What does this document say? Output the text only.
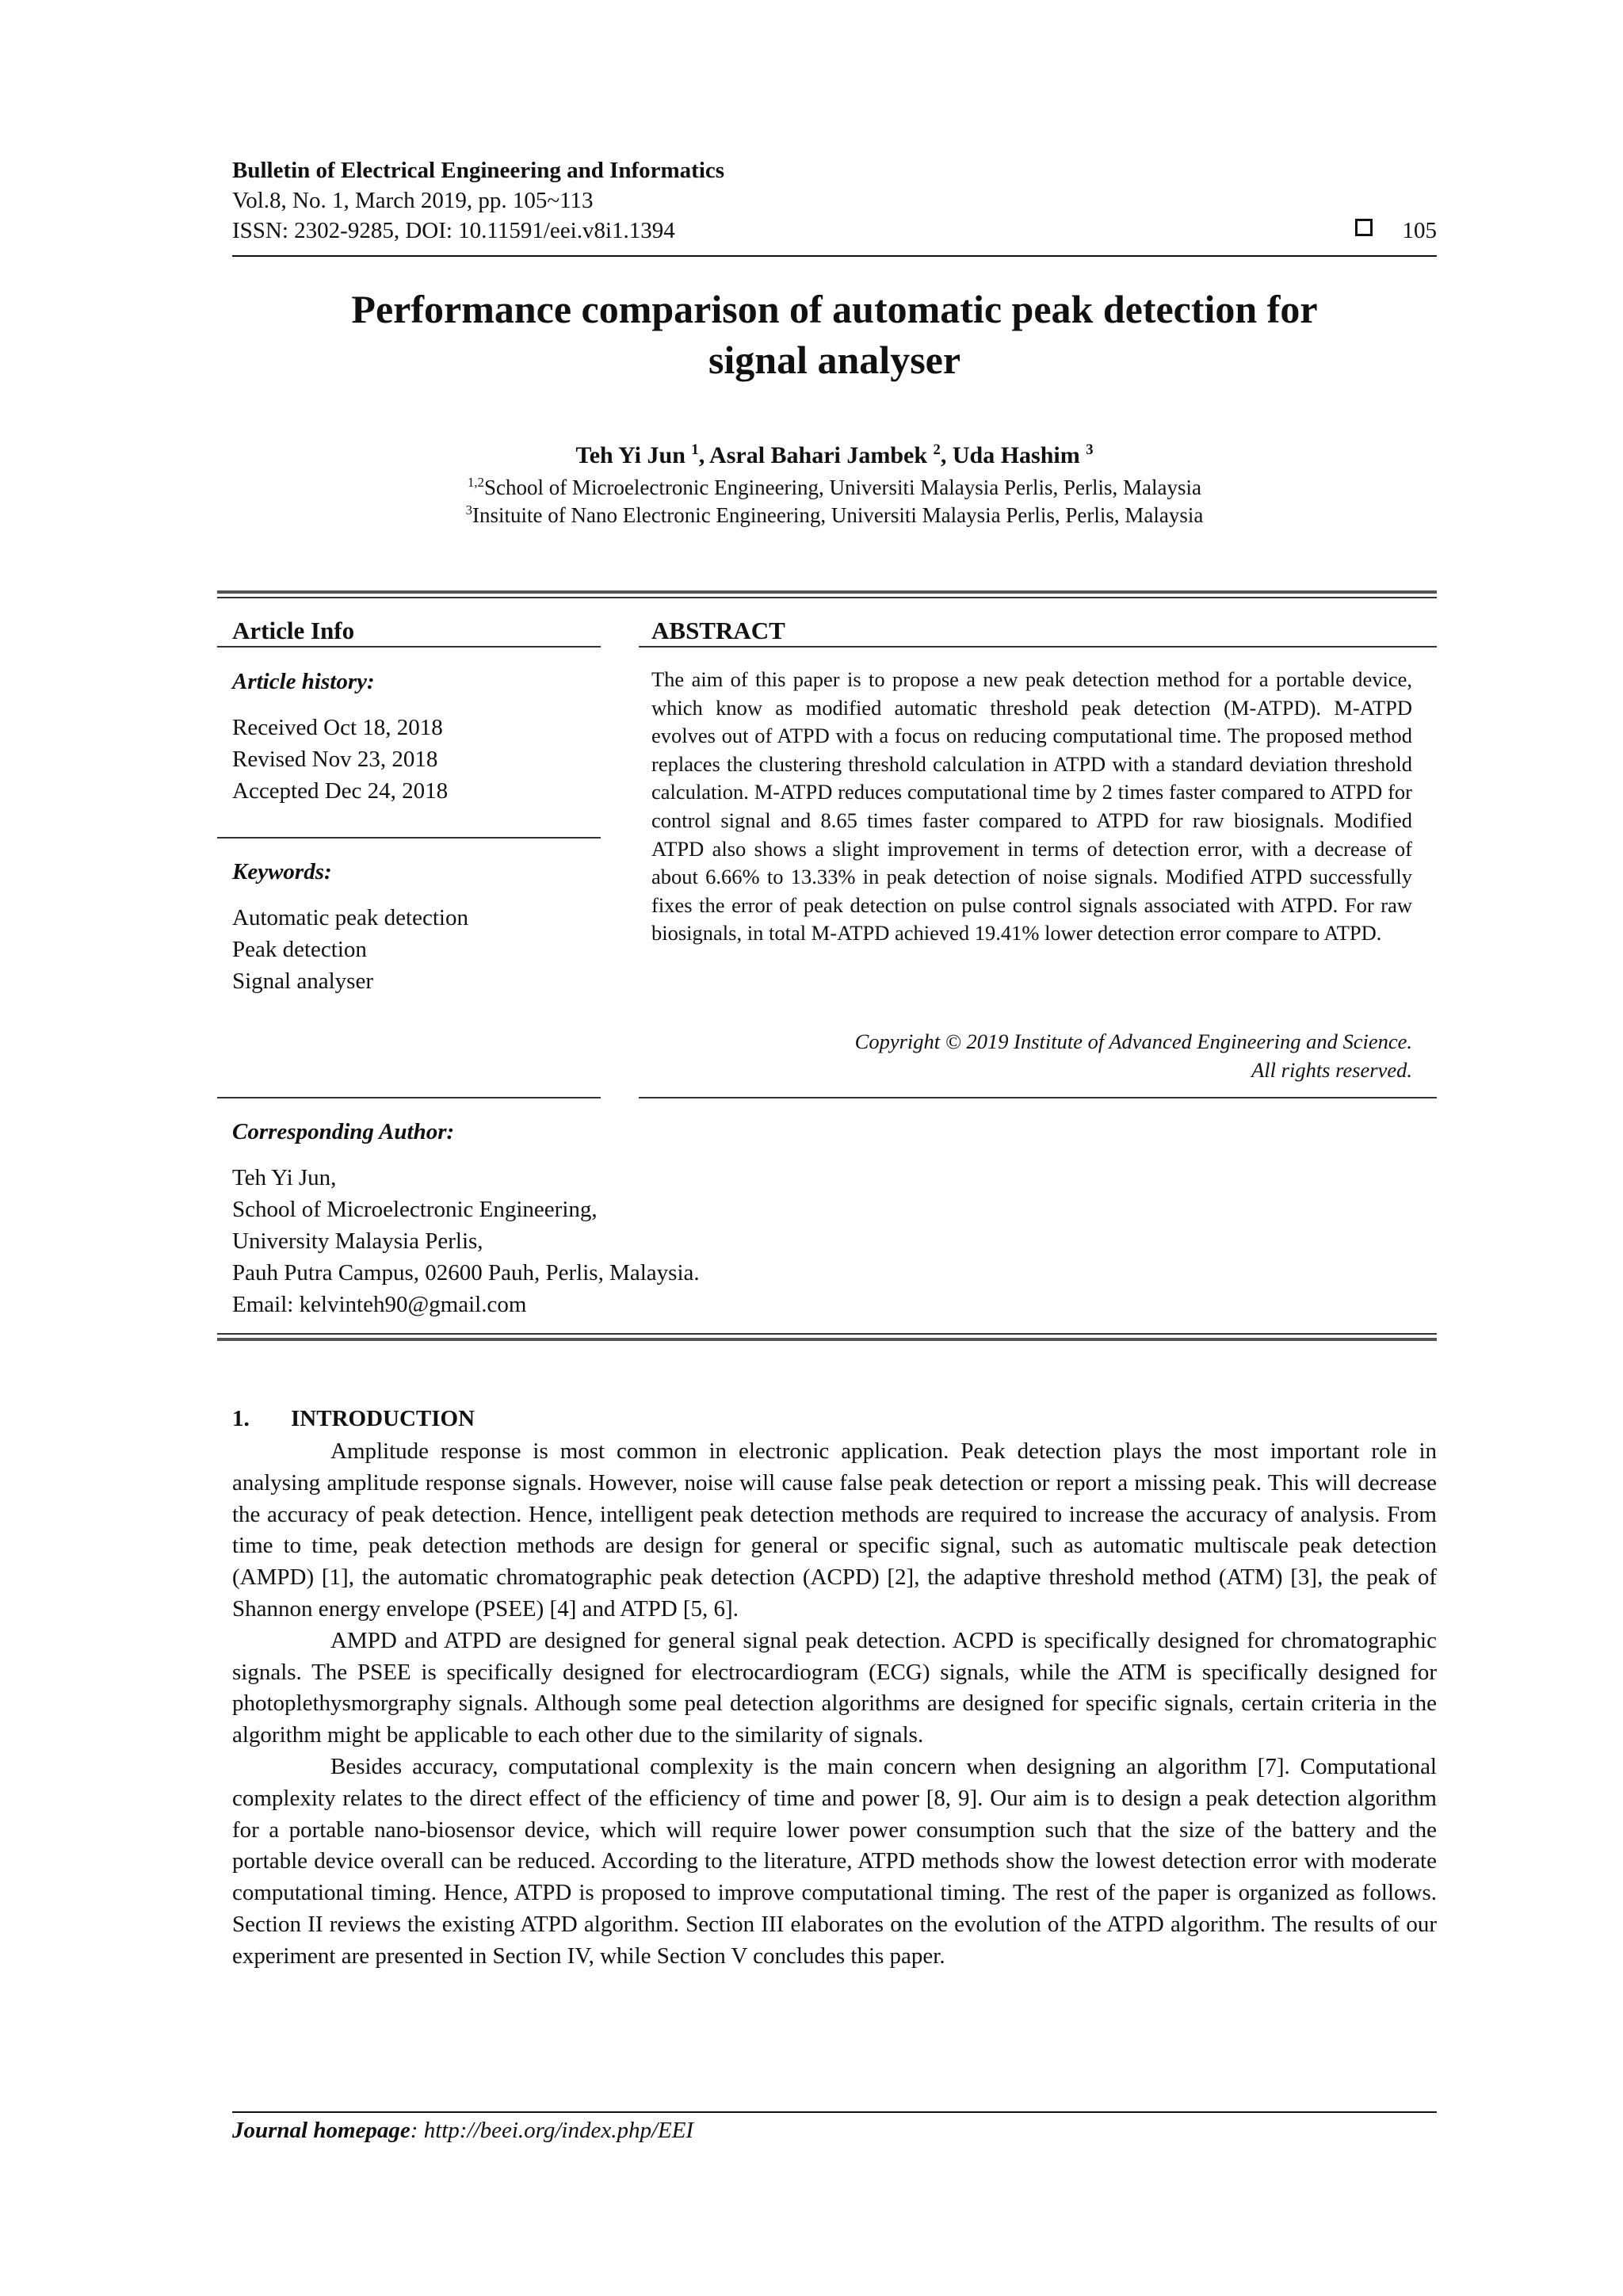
Bulletin of Electrical Engineering and Informatics
Vol.8, No. 1, March 2019, pp. 105~113
ISSN: 2302-9285, DOI: 10.11591/eei.v8i1.1394	105
Performance comparison of automatic peak detection for
signal analyser
Teh Yi Jun $^1$, Asral Bahari Jambek $^2$, Uda Hashim $^3$
$^{1,2}$School of Microelectronic Engineering, Universiti Malaysia Perlis, Perlis, Malaysia
$^3$Insituite of Nano Electronic Engineering, Universiti Malaysia Perlis, Perlis, Malaysia
Article Info
Article history:
Received Oct 18, 2018
Revised Nov 23, 2018
Accepted Dec 24, 2018
Keywords:
Automatic peak detection
Peak detection
Signal analyser
ABSTRACT
The aim of this paper is to propose a new peak detection method for a portable device, which know as modified automatic threshold peak detection (M-ATPD). M-ATPD evolves out of ATPD with a focus on reducing computational time. The proposed method replaces the clustering threshold calculation in ATPD with a standard deviation threshold calculation. M-ATPD reduces computational time by 2 times faster compared to ATPD for control signal and 8.65 times faster compared to ATPD for raw biosignals. Modified ATPD also shows a slight improvement in terms of detection error, with a decrease of about 6.66% to 13.33% in peak detection of noise signals. Modified ATPD successfully fixes the error of peak detection on pulse control signals associated with ATPD. For raw biosignals, in total M-ATPD achieved 19.41% lower detection error compare to ATPD.
Copyright © 2019 Institute of Advanced Engineering and Science.
All rights reserved.
Corresponding Author:
Teh Yi Jun,
School of Microelectronic Engineering,
University Malaysia Perlis,
Pauh Putra Campus, 02600 Pauh, Perlis, Malaysia.
Email: kelvinteh90@gmail.com
1. INTRODUCTION

Amplitude response is most common in electronic application. Peak detection plays the most important role in analysing amplitude response signals. However, noise will cause false peak detection or report a missing peak. This will decrease the accuracy of peak detection. Hence, intelligent peak detection methods are required to increase the accuracy of analysis. From time to time, peak detection methods are design for general or specific signal, such as automatic multiscale peak detection (AMPD) [1], the automatic chromatographic peak detection (ACPD) [2], the adaptive threshold method (ATM) [3], the peak of Shannon energy envelope (PSEE) [4] and ATPD [5, 6].

AMPD and ATPD are designed for general signal peak detection. ACPD is specifically designed for chromatographic signals. The PSEE is specifically designed for electrocardiogram (ECG) signals, while the ATM is specifically designed for photoplethysmorgraphy signals. Although some peal detection algorithms are designed for specific signals, certain criteria in the algorithm might be applicable to each other due to the similarity of signals.

Besides accuracy, computational complexity is the main concern when designing an algorithm [7]. Computational complexity relates to the direct effect of the efficiency of time and power [8, 9]. Our aim is to design a peak detection algorithm for a portable nano-biosensor device, which will require lower power consumption such that the size of the battery and the portable device overall can be reduced. According to the literature, ATPD methods show the lowest detection error with moderate computational timing. Hence, ATPD is proposed to improve computational timing. The rest of the paper is organized as follows. Section II reviews the existing ATPD algorithm. Section III elaborates on the evolution of the ATPD algorithm. The results of our experiment are presented in Section IV, while Section V concludes this paper.

Journal homepage: http://beei.org/index.php/EEI
